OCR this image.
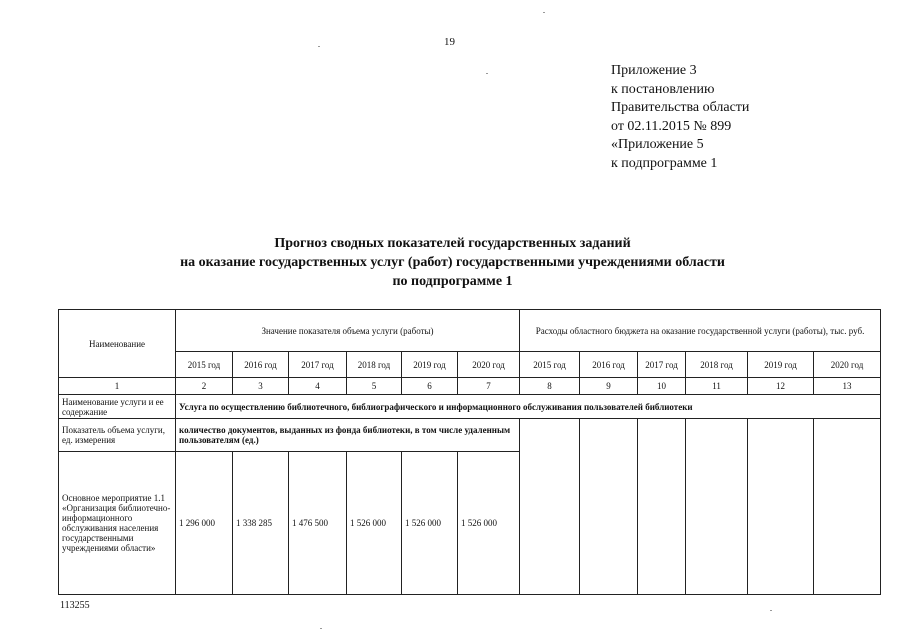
19
Приложение 3
к постановлению
Правительства области
от 02.11.2015 № 899
«Приложение 5
к подпрограмме 1
Прогноз сводных показателей государственных заданий
на оказание государственных услуг (работ) государственными учреждениями области
по подпрограмме 1
Наименование	Значение показателя объема услуги (работы)						Расходы областного бюджета на оказание государственной услуги (работы), тыс. руб.					
	2015 год	2016 год	2017 год	2018 год	2019 год	2020 год	2015 год	2016 год	2017 год	2018 год	2019 год	2020 год
1	2	3	4	5	6	7	8	9	10	11	12	13
Наименование услуги и ее содержание	Услуга по осуществлению библиотечного, библиографического и информационного обслуживания пользователей библиотеки											
Показатель объема услуги, ед. измерения	количество документов, выданных из фонда библиотеки, в том числе удаленным пользователям (ед.)											
Основное мероприятие 1.1 «Организация библиотечно-информационного обслуживания населения государственными учреждениями области»	1 296 000	1 338 285	1 476 500	1 526 000	1 526 000	1 526 000						
113255
